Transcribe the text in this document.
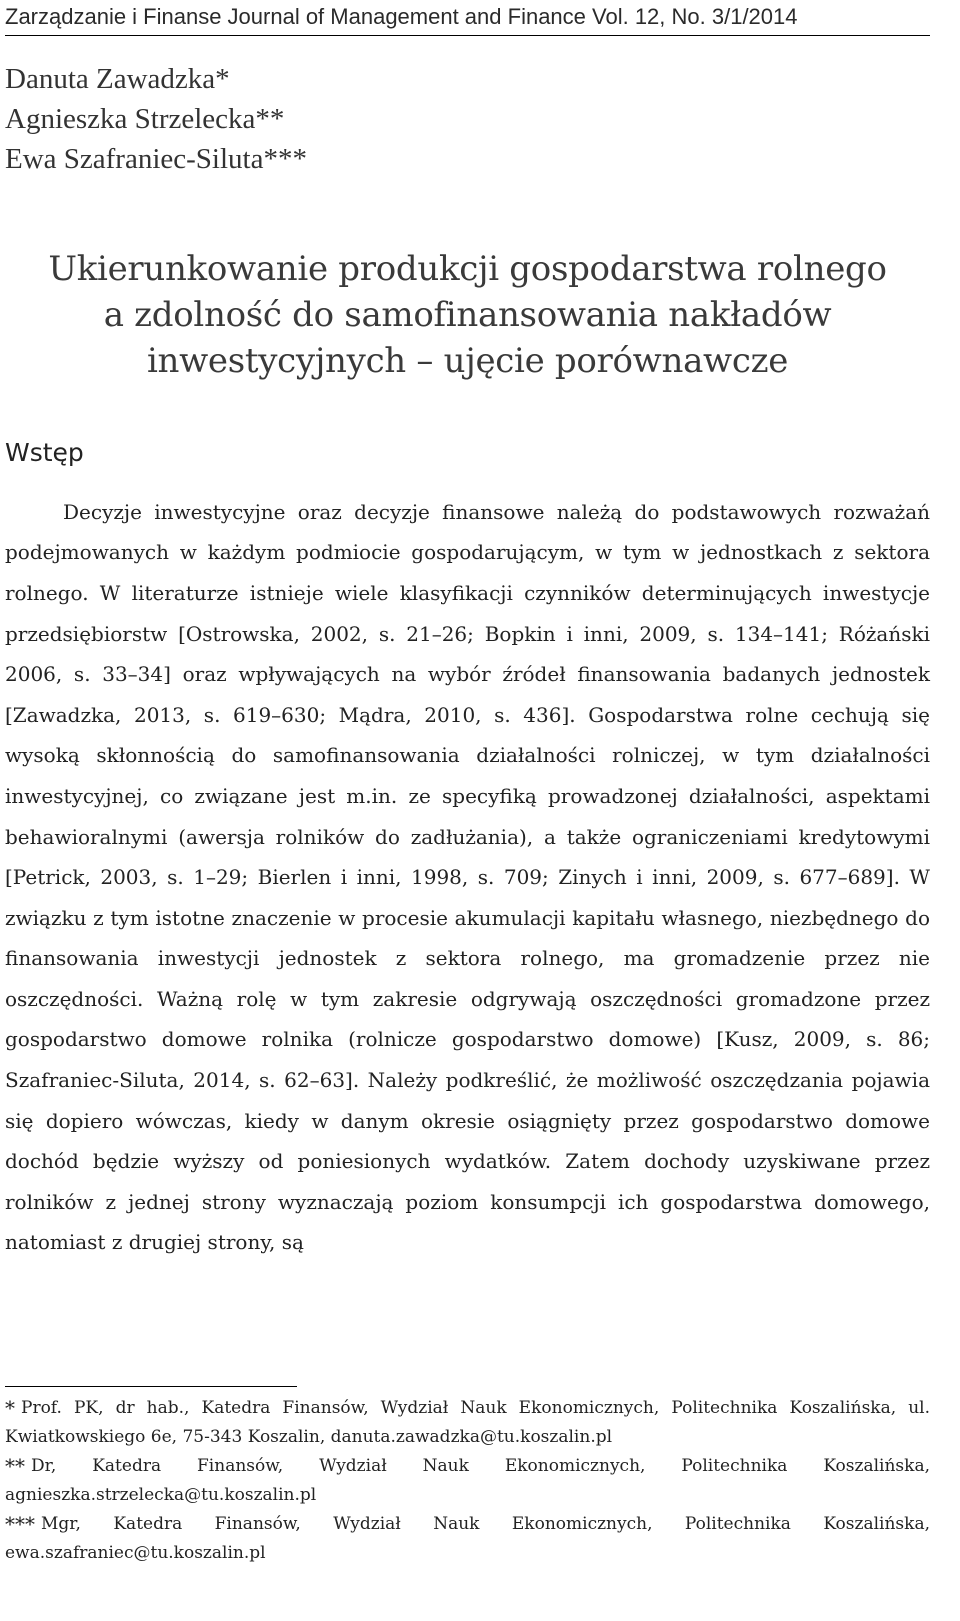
Zarządzanie i Finanse Journal of Management and Finance Vol. 12, No. 3/1/2014
Danuta Zawadzka*
Agnieszka Strzelecka**
Ewa Szafraniec-Siluta***
Ukierunkowanie produkcji gospodarstwa rolnego
a zdolność do samofinansowania nakładów
inwestycyjnych – ujęcie porównawcze
Wstęp

Decyzje inwestycyjne oraz decyzje finansowe należą do podstawowych rozważań podejmowanych w każdym podmiocie gospodarującym, w tym w jednostkach z sektora rolnego. W literaturze istnieje wiele klasyfikacji czynników determinujących inwestycje przedsiębiorstw [Ostrowska, 2002, s. 21–26; Bopkin i inni, 2009, s. 134–141; Różański 2006, s. 33–34] oraz wpływających na wybór źródeł finansowania badanych jednostek [Zawadzka, 2013, s. 619–630; Mądra, 2010, s. 436]. Gospodarstwa rolne cechują się wysoką skłonnością do samofinansowania działalności rolniczej, w tym działalności inwestycyjnej, co związane jest m.in. ze specyfiką prowadzonej działalności, aspektami behawioralnymi (awersja rolników do zadłużania), a także ograniczeniami kredytowymi [Petrick, 2003, s. 1–29; Bierlen i inni, 1998, s. 709; Zinych i inni, 2009, s. 677–689]. W związku z tym istotne znaczenie w procesie akumulacji kapitału własnego, niezbędnego do finansowania inwestycji jednostek z sektora rolnego, ma gromadzenie przez nie oszczędności. Ważną rolę w tym zakresie odgrywają oszczędności gromadzone przez gospodarstwo domowe rolnika (rolnicze gospodarstwo domowe) [Kusz, 2009, s. 86; Szafraniec-Siluta, 2014, s. 62–63]. Należy podkreślić, że możliwość oszczędzania pojawia się dopiero wówczas, kiedy w danym okresie osiągnięty przez gospodarstwo domowe dochód będzie wyższy od poniesionych wydatków. Zatem dochody uzyskiwane przez rolników z jednej strony wyznaczają poziom konsumpcji ich gospodarstwa domowego, natomiast z drugiej strony, są

* Prof. PK, dr hab., Katedra Finansów, Wydział Nauk Ekonomicznych, Politechnika Koszalińska, ul. Kwiatkowskiego 6e, 75-343 Koszalin, danuta.zawadzka@tu.koszalin.pl
** Dr, Katedra Finansów, Wydział Nauk Ekonomicznych, Politechnika Koszalińska, agnieszka.strzelecka@tu.koszalin.pl
*** Mgr, Katedra Finansów, Wydział Nauk Ekonomicznych, Politechnika Koszalińska, ewa.szafraniec@tu.koszalin.pl
